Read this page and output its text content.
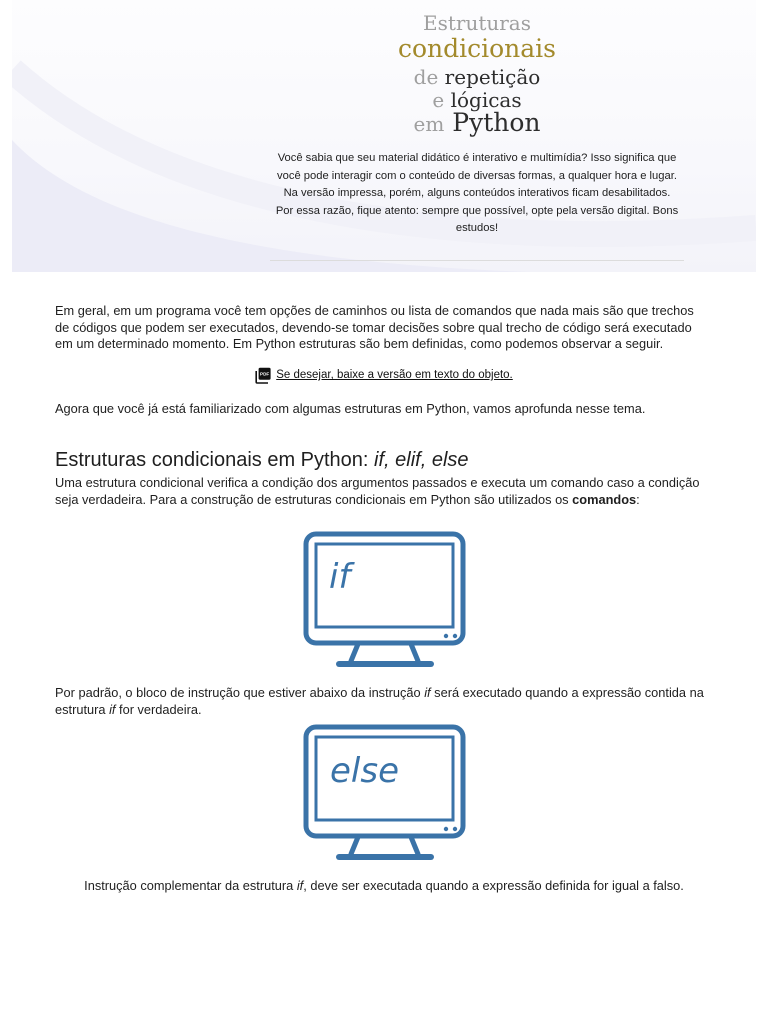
Estruturas
condicionais
de repetição
e lógicas
em Python
Você sabia que seu material didático é interativo e multimídia? Isso significa que
você pode interagir com o conteúdo de diversas formas, a qualquer hora e lugar.
Na versão impressa, porém, alguns conteúdos interativos ficam desabilitados.
Por essa razão, fique atento: sempre que possível, opte pela versão digital. Bons
estudos!
Em geral, em um programa você tem opções de caminhos ou lista de comandos que nada mais são que trechos
de códigos que podem ser executados, devendo-se tomar decisões sobre qual trecho de código será executado
em um determinado momento. Em Python estruturas são bem definidas, como podemos observar a seguir.
PDF Se desejar, baixe a versão em texto do objeto.
Agora que você já está familiarizado com algumas estruturas em Python, vamos aprofunda nesse tema.
Estruturas condicionais em Python: if, elif, else
Uma estrutura condicional verifica a condição dos argumentos passados e executa um comando caso a condição
seja verdadeira. Para a construção de estruturas condicionais em Python são utilizados os comandos:
if
Por padrão, o bloco de instrução que estiver abaixo da instrução if será executado quando a expressão contida na
estrutura if for verdadeira.
else
Instrução complementar da estrutura if, deve ser executada quando a expressão definida for igual a falso.
